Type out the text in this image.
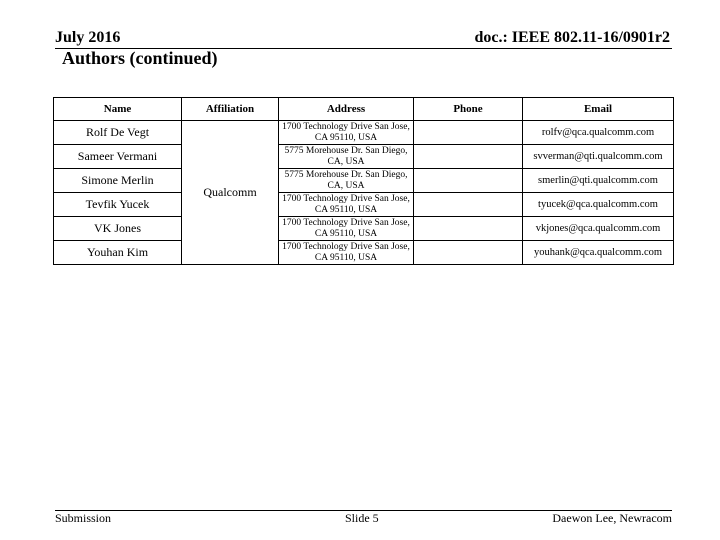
July 2016	doc.: IEEE 802.11-16/0901r2
Authors (continued)
Name	Affiliation	Address	Phone	Email
Rolf De Vegt	Qualcomm	1700 Technology Drive San Jose, CA 95110, USA		rolfv@qca.qualcomm.com
Sameer Vermani		5775 Morehouse Dr. San Diego, CA, USA		svverman@qti.qualcomm.com
Simone Merlin		5775 Morehouse Dr. San Diego, CA, USA		smerlin@qti.qualcomm.com
Tevfik Yucek		1700 Technology Drive San Jose, CA 95110, USA		tyucek@qca.qualcomm.com
VK Jones		1700 Technology Drive San Jose, CA 95110, USA		vkjones@qca.qualcomm.com
Youhan Kim		1700 Technology Drive San Jose, CA 95110, USA		youhank@qca.qualcomm.com
Submission	Slide 5	Daewon Lee, Newracom
